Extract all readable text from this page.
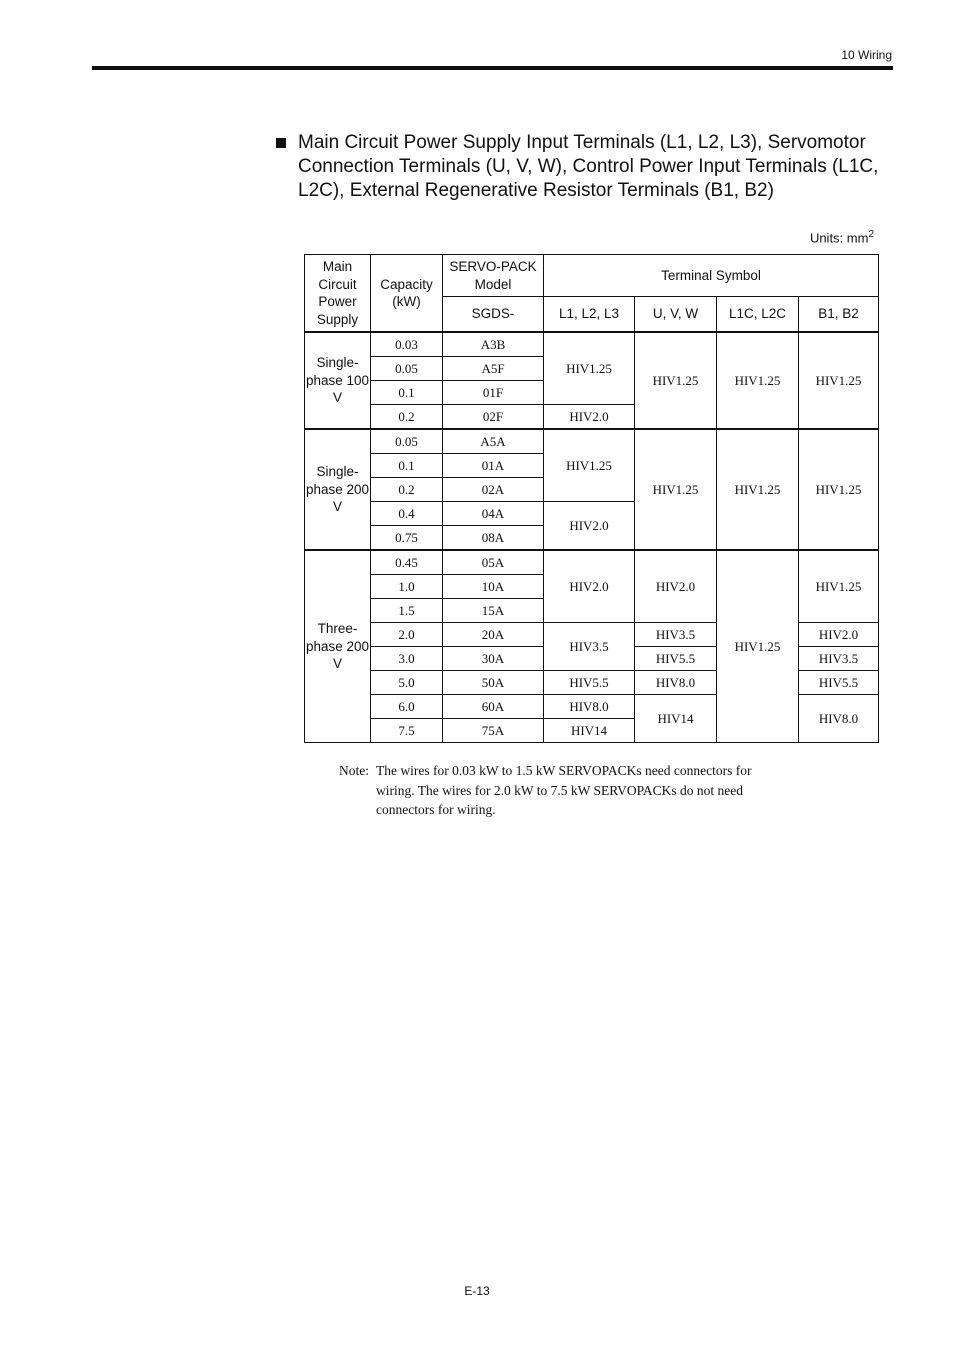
10 Wiring
Main Circuit Power Supply Input Terminals (L1, L2, L3), Servomotor Connection Terminals (U, V, W), Control Power Input Terminals (L1C, L2C), External Regenerative Resistor Terminals (B1, B2)
Units: $mm^2$
Main Circuit Power Supply	Capacity (kW)	SERVO-PACK Model	Terminal Symbol			
		SGDS-	L1, L2, L3	U, V, W	L1C, L2C	B1, B2
Single-phase 100 V	0.03	A3B	HIV1.25	HIV1.25	HIV1.25	HIV1.25
	0.05	A5F				
	0.1	01F				
	0.2	02F	HIV2.0			
Single-phase 200 V	0.05	A5A	HIV1.25	HIV1.25	HIV1.25	HIV1.25
	0.1	01A				
	0.2	02A				
	0.4	04A	HIV2.0			
	0.75	08A				
Three-phase 200 V	0.45	05A	HIV2.0	HIV2.0	HIV1.25	HIV1.25
	1.0	10A				
	1.5	15A				
	2.0	20A	HIV3.5	HIV3.5		HIV2.0
	3.0	30A		HIV5.5		HIV3.5
	5.0	50A	HIV5.5	HIV8.0		HIV5.5
	6.0	60A	HIV8.0	HIV14		HIV8.0
	7.5	75A	HIV14			
Note: The wires for 0.03 kW to 1.5 kW SERVOPACKs need connectors for wiring. The wires for 2.0 kW to 7.5 kW SERVOPACKs do not need connectors for wiring.
E-13
